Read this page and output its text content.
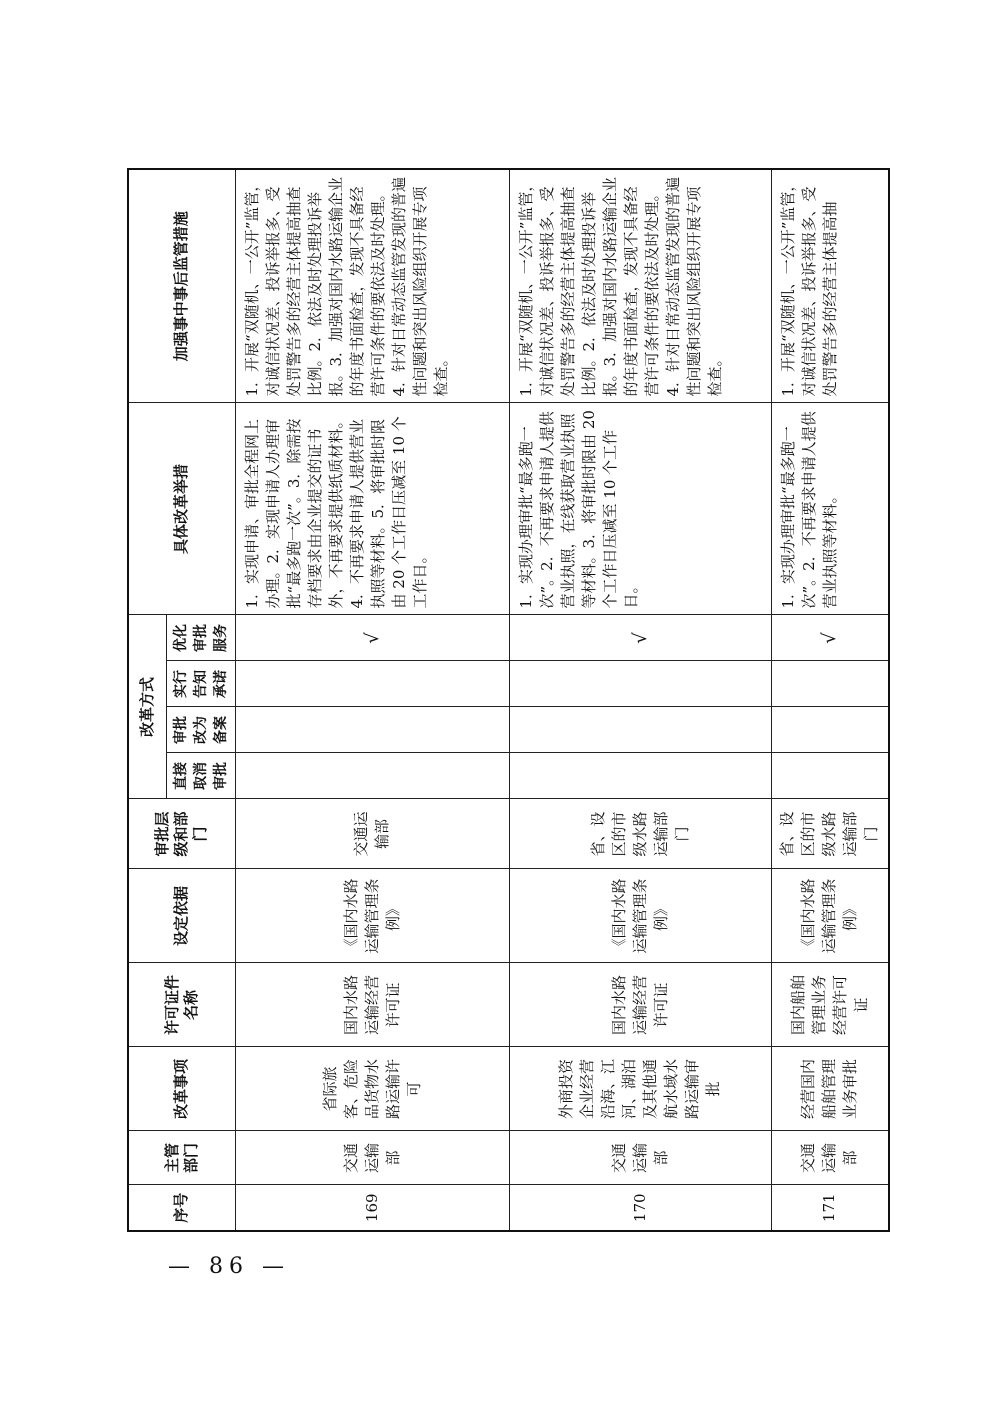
序号	主管部门	改革事项	许可证件名称	设定依据	审批层级和部门	改革方式				具体改革举措	加强事中事后监管措施
						直接取消审批	审批改为备案	实行告知承诺	优化审批服务		
169	交通运输部	省际旅客、危险品货物水路运输许可	国内水路运输经营许可证	《国内水路运输管理条例》	交通运输部				√	1．实现申请、审批全程网上办理。2．实现申请人办理审批“最多跑一次”。3．除需按存档要求由企业提交的证书外，不再要求提供纸质材料。4．不再要求申请人提供营业执照等材料。5．将审批时限由 20 个工作日压减至 10 个工作日。	1．开展“双随机、一公开”监管，对诚信状况差、投诉举报多、受处罚警告多的经营主体提高抽查比例。2．依法及时处理投诉举报。3．加强对国内水路运输企业的年度书面检查，发现不具备经营许可条件的要依法及时处理。4．针对日常动态监管发现的普遍性问题和突出风险组织开展专项检查。
170	交通运输部	外商投资企业经营沿海、江河、湖泊及其他通航水域水路运输审批	国内水路运输经营许可证	《国内水路运输管理条例》	省、设区的市级水路运输部门				√	1．实现办理审批“最多跑一次”。2．不再要求申请人提供营业执照，在线获取营业执照等材料。3．将审批时限由 20 个工作日压减至 10 个工作日。	1．开展“双随机、一公开”监管，对诚信状况差、投诉举报多、受处罚警告多的经营主体提高抽查比例。2．依法及时处理投诉举报。3．加强对国内水路运输企业的年度书面检查，发现不具备经营许可条件的要依法及时处理。4．针对日常动态监管发现的普遍性问题和突出风险组织开展专项检查。
171	交通运输部	经营国内船舶管理业务审批	国内船舶管理业务经营许可证	《国内水路运输管理条例》	省、设区的市级水路运输部门				√	1．实现办理审批“最多跑一次”。2．不再要求申请人提供营业执照等材料。	1．开展“双随机、一公开”监管，对诚信状况差、投诉举报多、受处罚警告多的经营主体提高抽
— 86 —
